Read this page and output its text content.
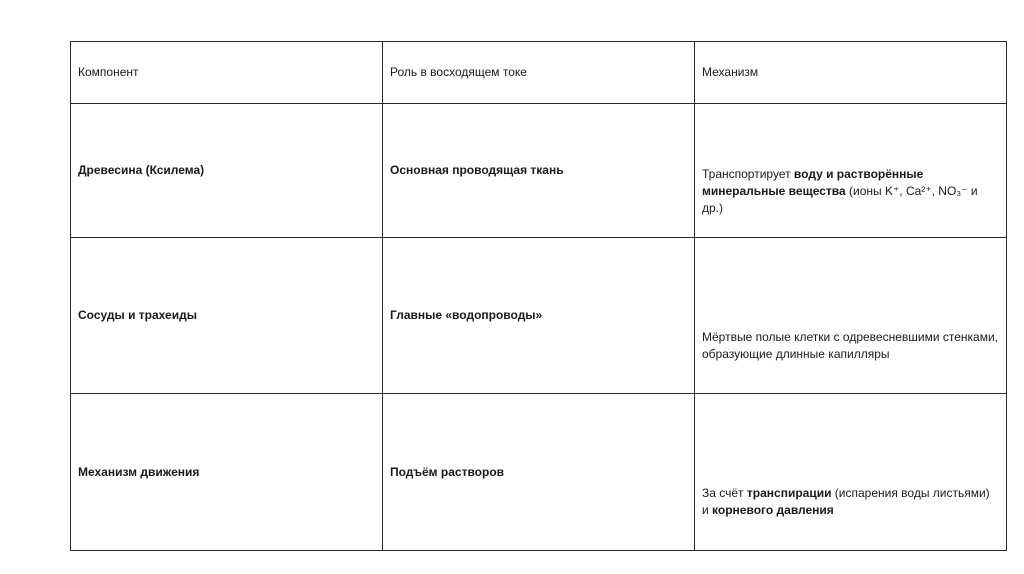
Компонент	Роль в восходящем токе	Механизм
Древесина (Ксилема)	Основная проводящая ткань	Транспортирует воду и растворённые минеральные вещества (ионы K⁺, Ca²⁺, NO₃⁻ и др.)

Сосуды и трахеиды	Главные «водопроводы»	Мёртвые полые клетки с одревесневшими стенками, образующие длинные капилляры

Механизм движения	Подъём растворов	За счёт транспирации (испарения воды листьями) и корневого давления
